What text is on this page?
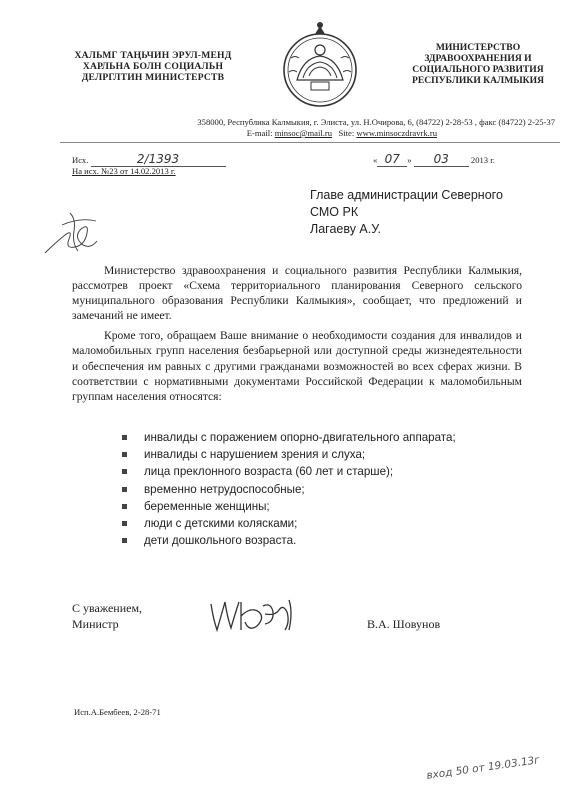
ХАЛЬМГ ТАҢЬЧИН ЭРУЛ-МЕНД
ХАРЛЬНА БОЛН СОЦИАЛЬН
ДЕЛРГЛТИН МИНИСТЕРСТВ
МИНИСТЕРСТВО
ЗДРАВООХРАНЕНИЯ И
СОЦИАЛЬНОГО РАЗВИТИЯ
РЕСПУБЛИКИ КАЛМЫКИЯ
358000, Республика Калмыкия, г. Элиста, ул. Н.Очирова, 6, (84722) 2-28-53 , факс (84722) 2-25-37
E-mail: minsoc@mail.ru Site: www.minsoczdravrk.ru
Исх.	2/1393
На исх. №23 от 14.02.2013 г.
« 07 » 03	2013 г.
Главе администрации Северного
СМО РК
Лагаеву А.У.

Министерство здравоохранения и социального развития Республики Калмыкия, рассмотрев проект «Схема территориального планирования Северного сельского муниципального образования Республики Калмыкия», сообщает, что предложений и замечаний не имеет.

Кроме того, обращаем Ваше внимание о необходимости создания для инвалидов и маломобильных групп населения безбарьерной или доступной среды жизнедеятельности и обеспечения им равных с другими гражданами возможностей во всех сферах жизни. В соответствии с нормативными документами Российской Федерации к маломобильным группам населения относятся:

инвалиды с поражением опорно-двигательного аппарата;
инвалиды с нарушением зрения и слуха;
лица преклонного возраста (60 лет и старше);
временно нетрудоспособные;
беременные женщины;
люди с детскими колясками;
дети дошкольного возраста.
С уважением,
Министр	В.А. Шовунов
Исп.А.Бембеев, 2-28-71
вход 50 от 19.03.13г
